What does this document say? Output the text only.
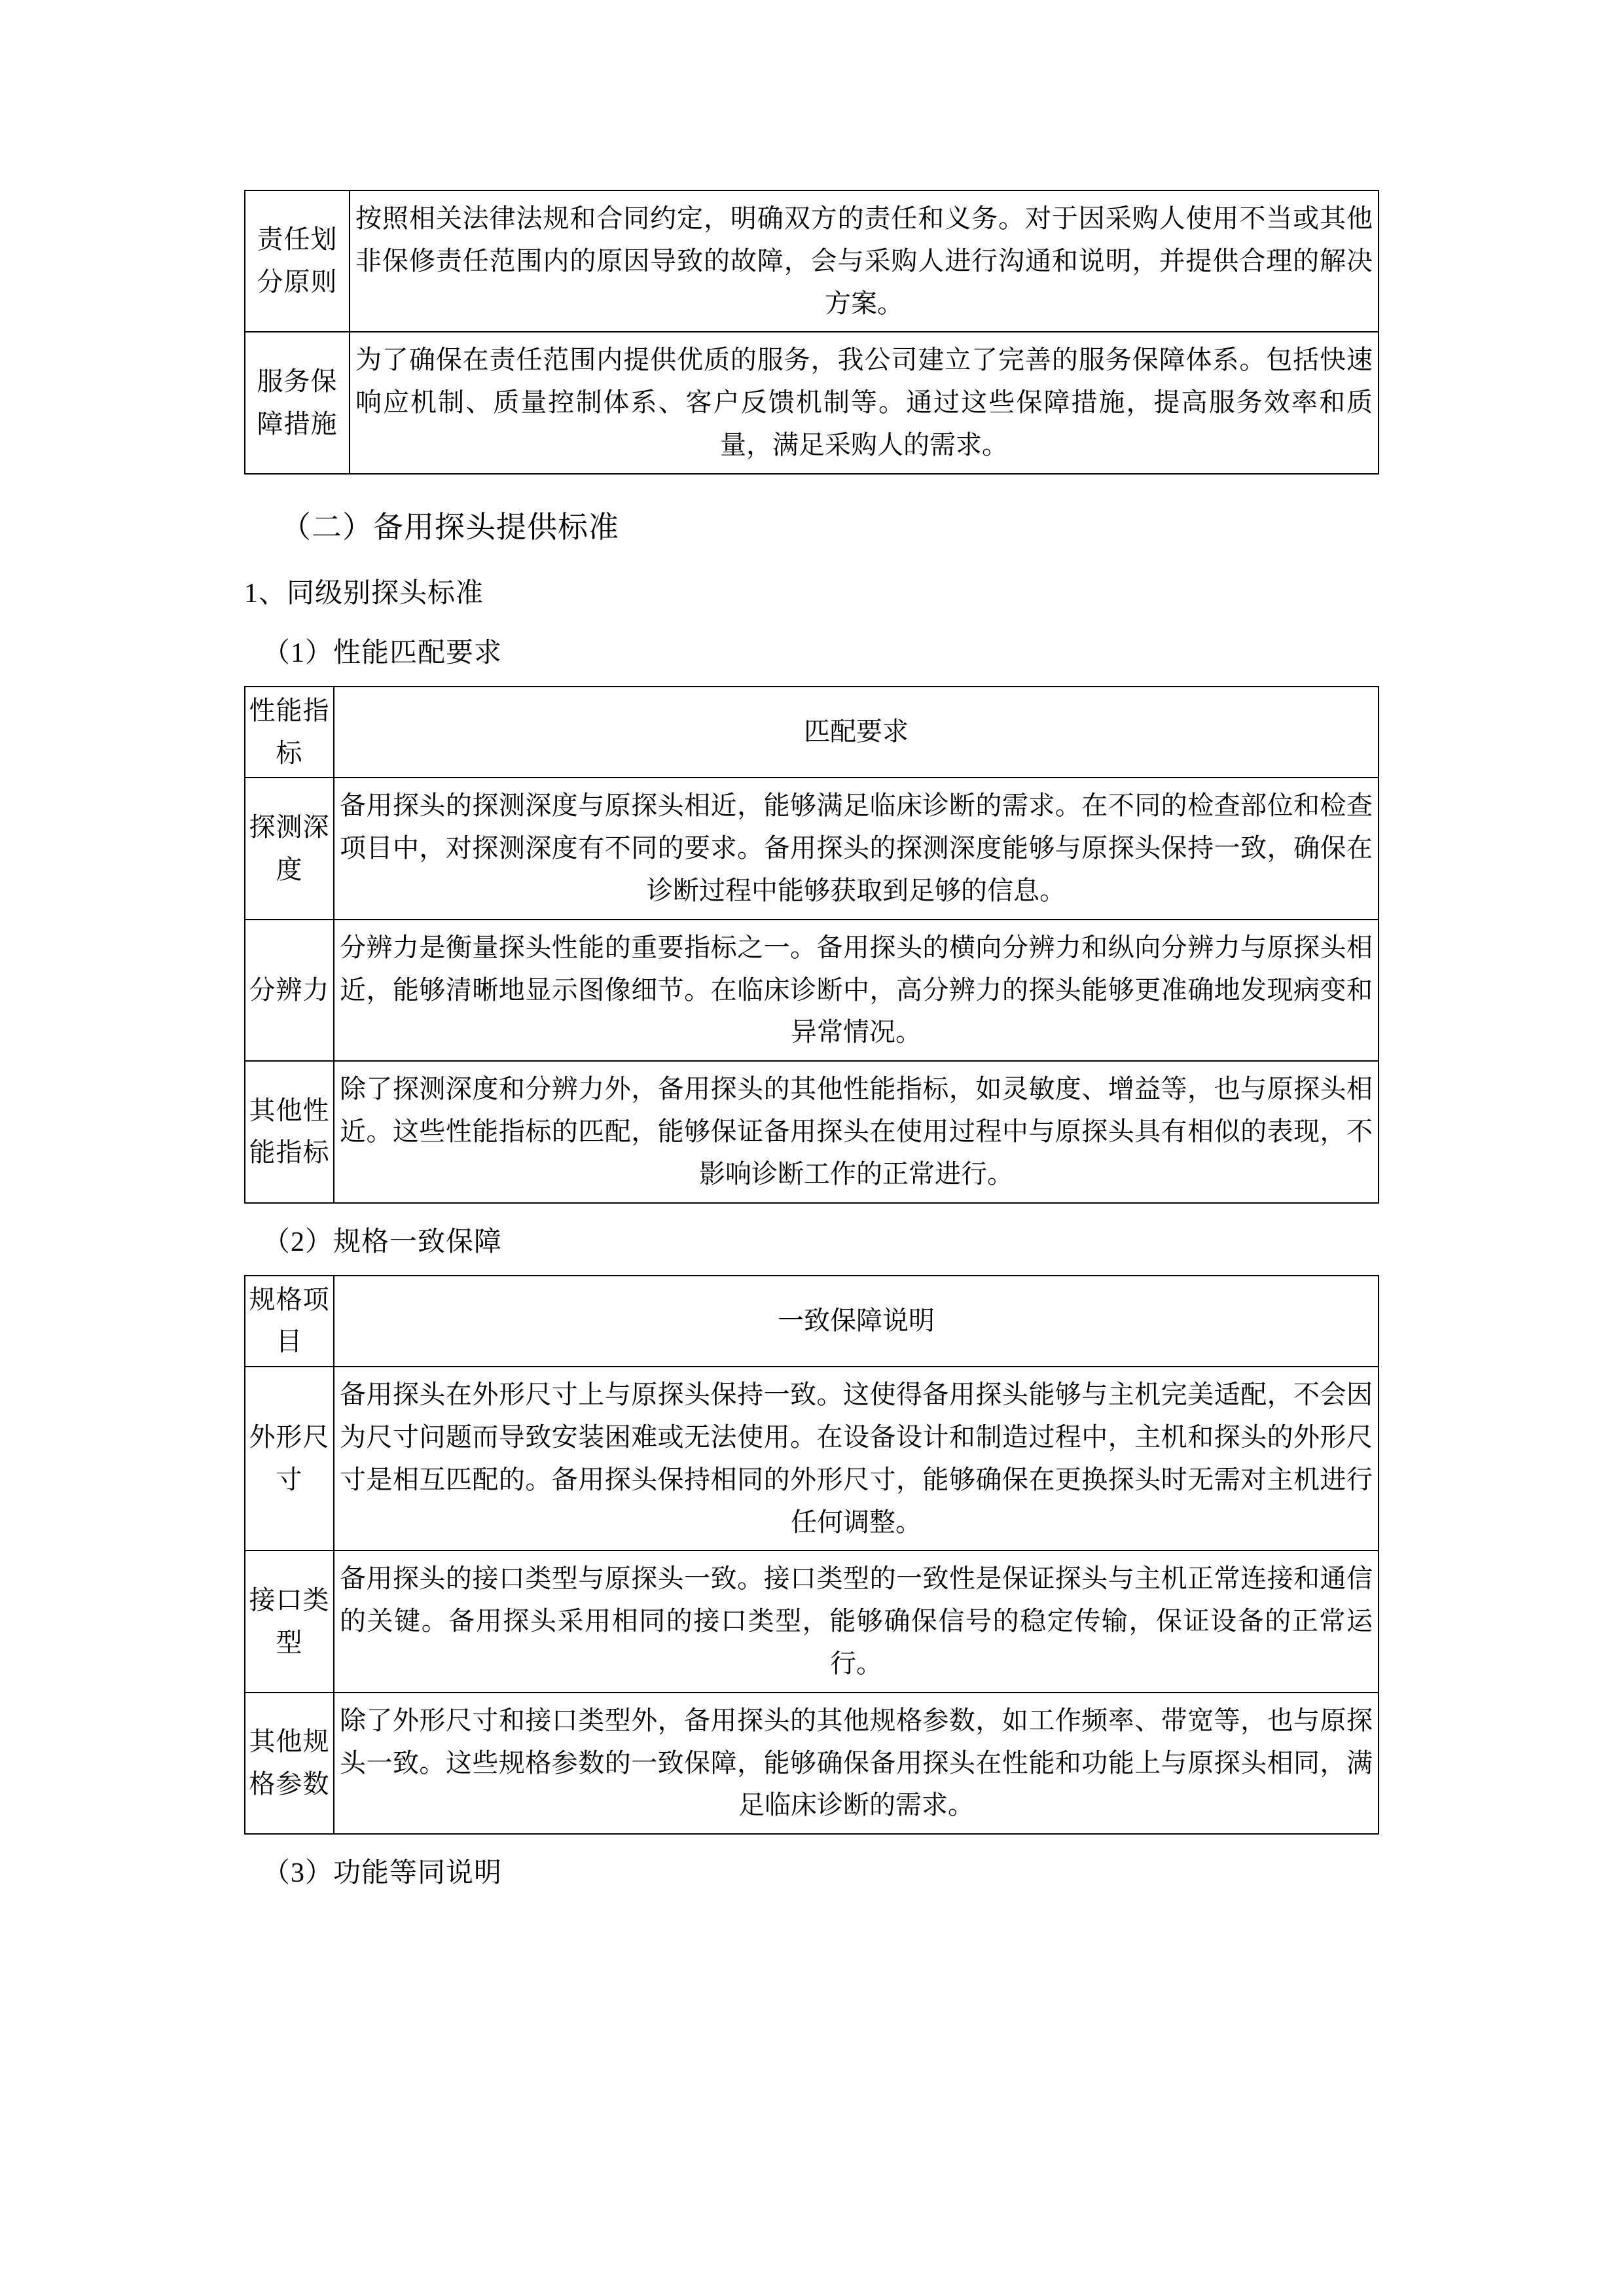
责任划分原则	按照相关法律法规和合同约定，明确双方的责任和义务。对于因采购人使用不当或其他非保修责任范围内的原因导致的故障，会与采购人进行沟通和说明，并提供合理的解决方案。
服务保障措施	为了确保在责任范围内提供优质的服务，我公司建立了完善的服务保障体系。包括快速响应机制、质量控制体系、客户反馈机制等。通过这些保障措施，提高服务效率和质量，满足采购人的需求。
（二）备用探头提供标准
1、同级别探头标准
（1）性能匹配要求
性能指标	匹配要求
探测深度	备用探头的探测深度与原探头相近，能够满足临床诊断的需求。在不同的检查部位和检查项目中，对探测深度有不同的要求。备用探头的探测深度能够与原探头保持一致，确保在诊断过程中能够获取到足够的信息。
分辨力	分辨力是衡量探头性能的重要指标之一。备用探头的横向分辨力和纵向分辨力与原探头相近，能够清晰地显示图像细节。在临床诊断中，高分辨力的探头能够更准确地发现病变和异常情况。
其他性能指标	除了探测深度和分辨力外，备用探头的其他性能指标，如灵敏度、增益等，也与原探头相近。这些性能指标的匹配，能够保证备用探头在使用过程中与原探头具有相似的表现，不影响诊断工作的正常进行。
（2）规格一致保障
规格项目	一致保障说明
外形尺寸	备用探头在外形尺寸上与原探头保持一致。这使得备用探头能够与主机完美适配，不会因为尺寸问题而导致安装困难或无法使用。在设备设计和制造过程中，主机和探头的外形尺寸是相互匹配的。备用探头保持相同的外形尺寸，能够确保在更换探头时无需对主机进行任何调整。
接口类型	备用探头的接口类型与原探头一致。接口类型的一致性是保证探头与主机正常连接和通信的关键。备用探头采用相同的接口类型，能够确保信号的稳定传输，保证设备的正常运行。
其他规格参数	除了外形尺寸和接口类型外，备用探头的其他规格参数，如工作频率、带宽等，也与原探头一致。这些规格参数的一致保障，能够确保备用探头在性能和功能上与原探头相同，满足临床诊断的需求。
（3）功能等同说明
